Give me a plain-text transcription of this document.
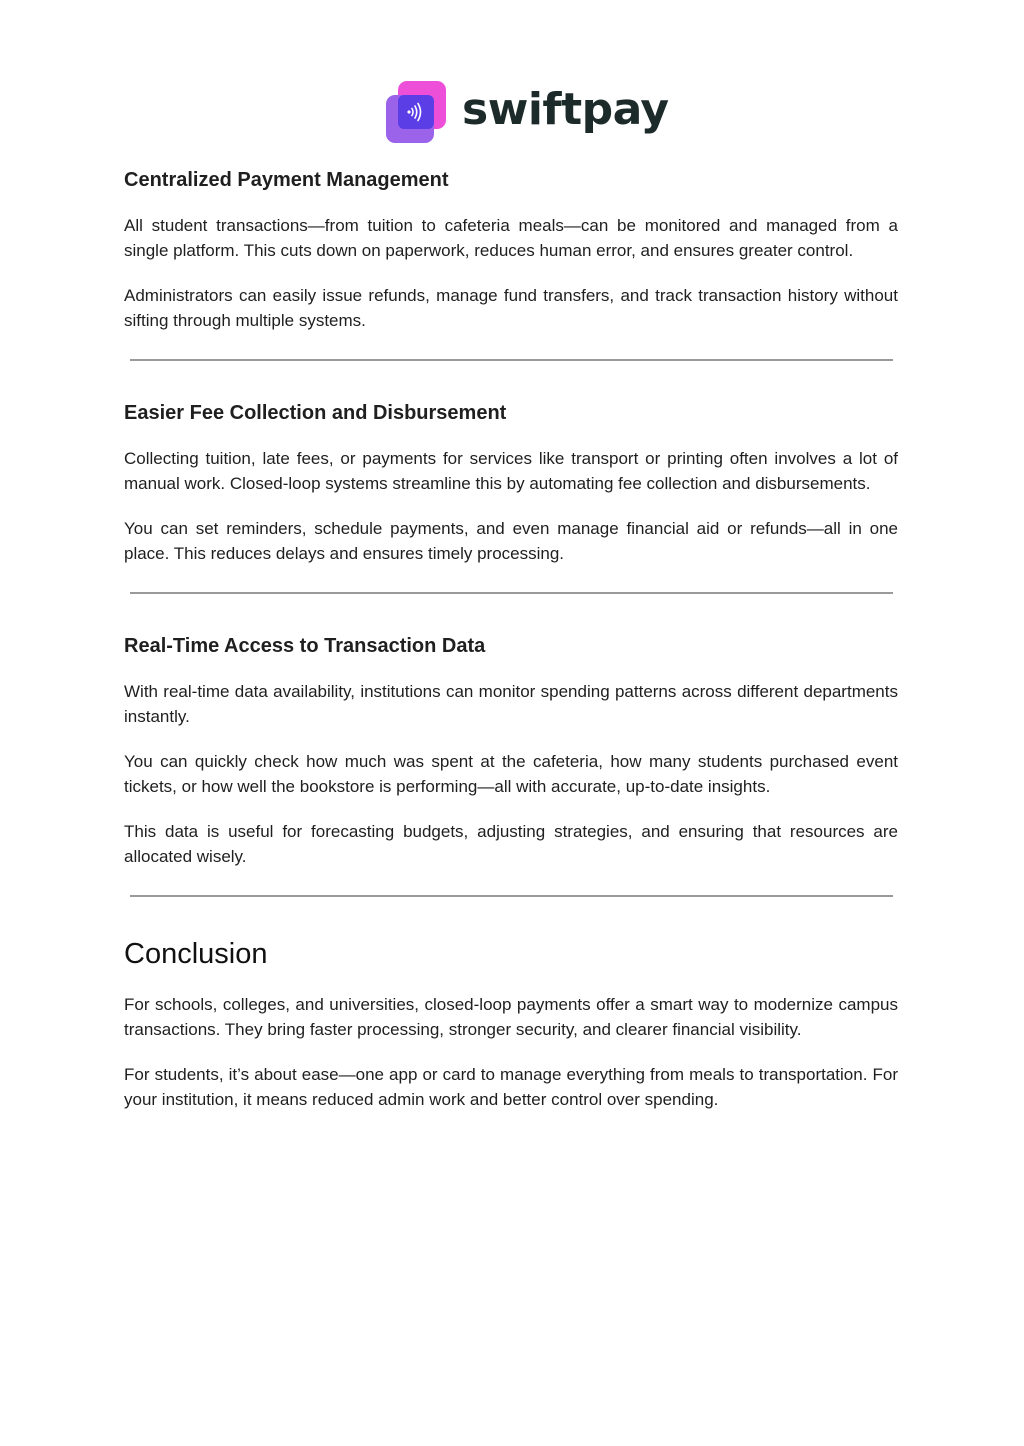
swiftpay
Centralized Payment Management

All student transactions—from tuition to cafeteria meals—can be monitored and managed from a single platform. This cuts down on paperwork, reduces human error, and ensures greater control.

Administrators can easily issue refunds, manage fund transfers, and track transaction history without sifting through multiple systems.

Easier Fee Collection and Disbursement

Collecting tuition, late fees, or payments for services like transport or printing often involves a lot of manual work. Closed-loop systems streamline this by automating fee collection and disbursements.

You can set reminders, schedule payments, and even manage financial aid or refunds—all in one place. This reduces delays and ensures timely processing.

Real-Time Access to Transaction Data

With real-time data availability, institutions can monitor spending patterns across different departments instantly.

You can quickly check how much was spent at the cafeteria, how many students purchased event tickets, or how well the bookstore is performing—all with accurate, up-to-date insights.

This data is useful for forecasting budgets, adjusting strategies, and ensuring that resources are allocated wisely.

Conclusion

For schools, colleges, and universities, closed-loop payments offer a smart way to modernize campus transactions. They bring faster processing, stronger security, and clearer financial visibility.

For students, it’s about ease—one app or card to manage everything from meals to transportation. For your institution, it means reduced admin work and better control over spending.
